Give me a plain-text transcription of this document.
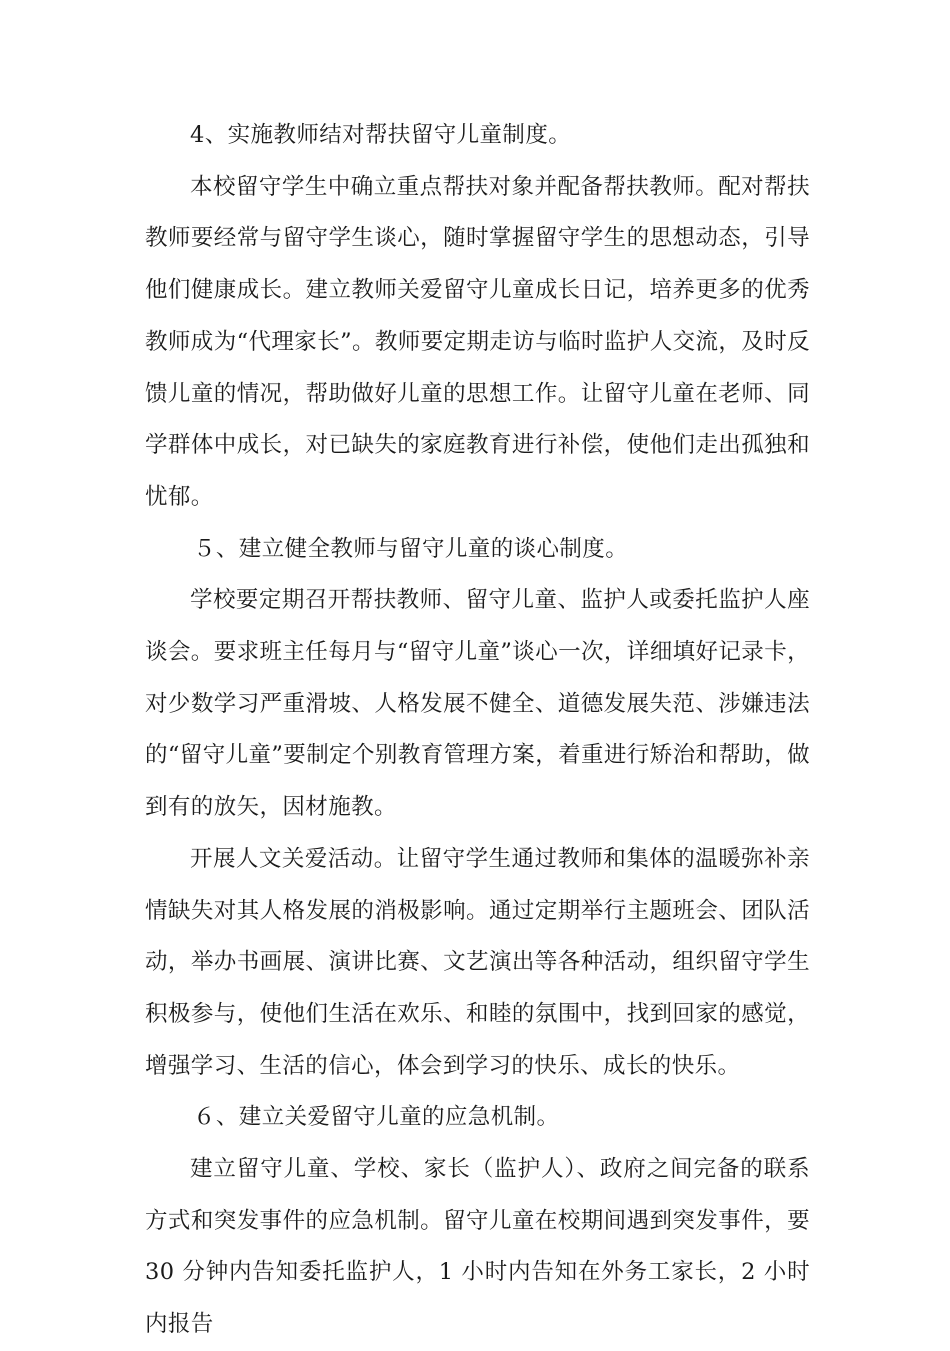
4、实施教师结对帮扶留守儿童制度。

本校留守学生中确立重点帮扶对象并配备帮扶教师。配对帮扶教师要经常与留守学生谈心，随时掌握留守学生的思想动态，引导他们健康成长。建立教师关爱留守儿童成长日记，培养更多的优秀教师成为“代理家长”。教师要定期走访与临时监护人交流，及时反馈儿童的情况，帮助做好儿童的思想工作。让留守儿童在老师、同学群体中成长，对已缺失的家庭教育进行补偿，使他们走出孤独和忧郁。

５、建立健全教师与留守儿童的谈心制度。

学校要定期召开帮扶教师、留守儿童、监护人或委托监护人座谈会。要求班主任每月与“留守儿童”谈心一次，详细填好记录卡，对少数学习严重滑坡、人格发展不健全、道德发展失范、涉嫌违法的“留守儿童”要制定个别教育管理方案，着重进行矫治和帮助，做到有的放矢，因材施教。

开展人文关爱活动。让留守学生通过教师和集体的温暖弥补亲情缺失对其人格发展的消极影响。通过定期举行主题班会、团队活动，举办书画展、演讲比赛、文艺演出等各种活动，组织留守学生积极参与，使他们生活在欢乐、和睦的氛围中，找到回家的感觉，增强学习、生活的信心，体会到学习的快乐、成长的快乐。

６、建立关爱留守儿童的应急机制。

建立留守儿童、学校、家长（监护人）、政府之间完备的联系方式和突发事件的应急机制。留守儿童在校期间遇到突发事件，要 30 分钟内告知委托监护人，1 小时内告知在外务工家长，2 小时内报告
